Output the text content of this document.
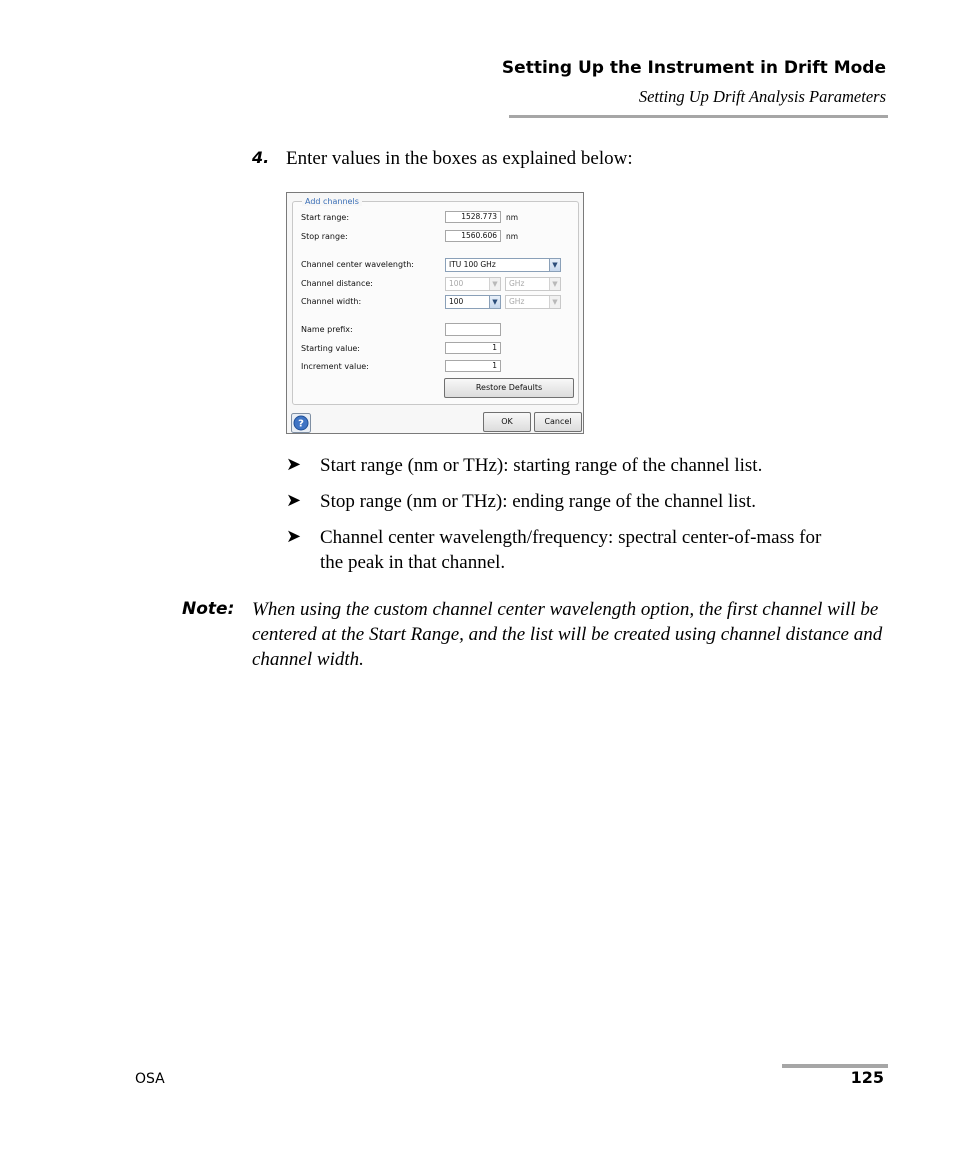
Setting Up the Instrument in Drift Mode
Setting Up Drift Analysis Parameters
4. Enter values in the boxes as explained below:
Add channels
Start range:	1528.773	nm
Stop range:	1560.606	nm
Channel center wavelength:	ITU 100 GHz	▼
Channel distance:	100	▼	GHz	▼
Channel width:	100	▼	GHz	▼
Name prefix:
Starting value:	1
Increment value:	1
Restore Defaults
?	OK	Cancel
➤ Start range (nm or THz): starting range of the channel list.
➤ Stop range (nm or THz): ending range of the channel list.
➤ Channel center wavelength/frequency: spectral center-of-mass for
the peak in that channel.
Note: When using the custom channel center wavelength option, the first channel will be centered at the Start Range, and the list will be created using channel distance and channel width.
OSA	125
